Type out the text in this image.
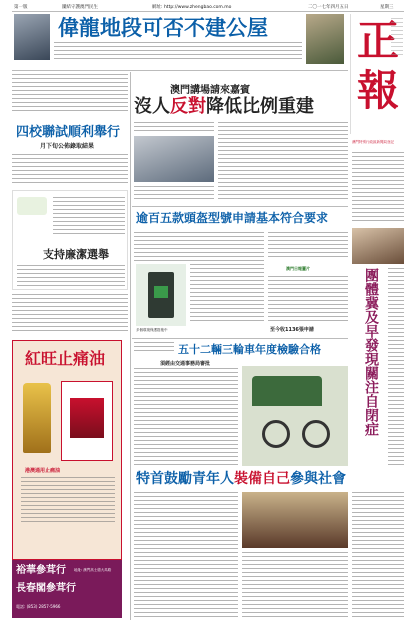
第一版	團結守護澳門民生	網址: http://www.zhengbao.com.mo	二〇一七年四月五日	星期三
偉龍地段可否不建公屋 正
報
澳門特別行政區新聞局登記
四校聯試順利舉行
月下旬公佈錄取結果
支持廉潔選舉
紅旺止痛油
港澳通用止痛油
裕華參茸行
長春閣參茸行
地址: 澳門高士德大馬路
電話: (853) 2857-5966
澳門講場請來嘉賓
沒人反對降低比例重建
逾百五款頭盔型號申請基本符合要求
多個環境保護措施中	至今收1136張申請
澳門日報圖片	團體冀及早發現關注自閉症
五十二輛三輪車年度檢驗合格
須經由交通事務局審批
特首鼓勵青年人裝備自己參與社會
